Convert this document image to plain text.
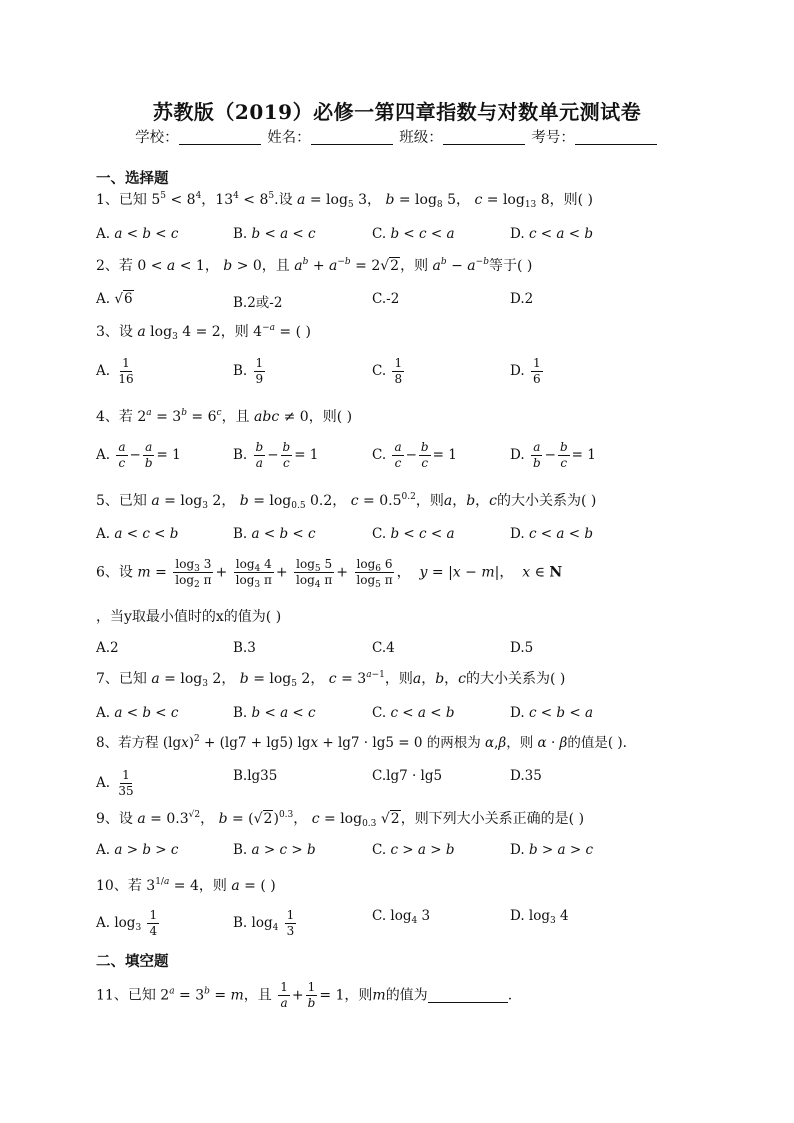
苏教版（2019）必修一第四章指数与对数单元测试卷
学校：	姓名：	班级：	考号：
一、选择题
1、已知 $5^5 < 8^4$，$13^4 < 8^5$.设 $a = \log_5 3$， $b = \log_8 5$， $c = \log_{13} 8$，则( )
A. a < b < c	B. b < a < c	C. b < c < a	D. c < a < b
2、若 0 < a < 1， b > 0，且 $a^b + a^{-b} = 2√2$，则 $a^b - a^{-b}$等于( )
A. √6	B.2或-2	C.-2	D.2
3、设 a $\log_3 4 = 2$，则 $4^{-a}$ = ( )
A. $\frac{1}{16}$	B. $\frac{1}{9}$	C. $\frac{1}{8}$	D. $\frac{1}{6}$
4、若 $2^a = 3^b = 6^c$，且 abc ≠ 0，则( )
A. $\frac{a}{c} - \frac{a}{b} = 1$	B. $\frac{b}{a} - \frac{b}{c} = 1$	C. $\frac{a}{c} - \frac{b}{c} = 1$	D. $\frac{a}{b} - \frac{b}{c} = 1$
5、已知 $a = \log_3 2$， $b = \log_{0.5} 0.2$， $c = 0.5^{0.2}$，则a，b，c的大小关系为( )
A. a < c < b	B. a < b < c	C. b < c < a	D. c < a < b
6、设 $m = \frac{\log_3 3}{\log_2 \pi} + \frac{\log_4 4}{\log_3 \pi} + \frac{\log_5 5}{\log_4 \pi} + \frac{\log_6 6}{\log_5 \pi}$ ，  y = |x − m|，  x ∈ N
，当y取最小值时的x的值为( )
A.2	B.3	C.4	D.5
7、已知 $a = \log_3 2$， $b = \log_5 2$， $c = 3^{a-1}$，则a，b，c的大小关系为( )
A. a < b < c	B. b < a < c	C. c < a < b	D. c < b < a
8、若方程 $(\lg x)^2 + (\lg 7 + \lg 5) \lg x + \lg 7 \cdot \lg 5 = 0$ 的两根为 α,β，则 α · β的值是( ).
A. $\frac{1}{35}$	B.lg35	C.lg7 · lg5	D.35
9、设 $a = 0.3^{√2}$， $b = (√2)^{0.3}$， $c = \log_{0.3} √2$，则下列大小关系正确的是( )
A. a > b > c	B. a > c > b	C. c > a > b	D. b > a > c
10、若 $3^{1/a} = 4$，则 a = ( )
A. $\log_3 \frac{1}{4}$	B. $\log_4 \frac{1}{3}$	C. $\log_4 3$	D. $\log_3 4$
二、填空题
11、已知 $2^a = 3^b = m$，且 $\frac{1}{a} + \frac{1}{b} = 1$，则m的值为	.
